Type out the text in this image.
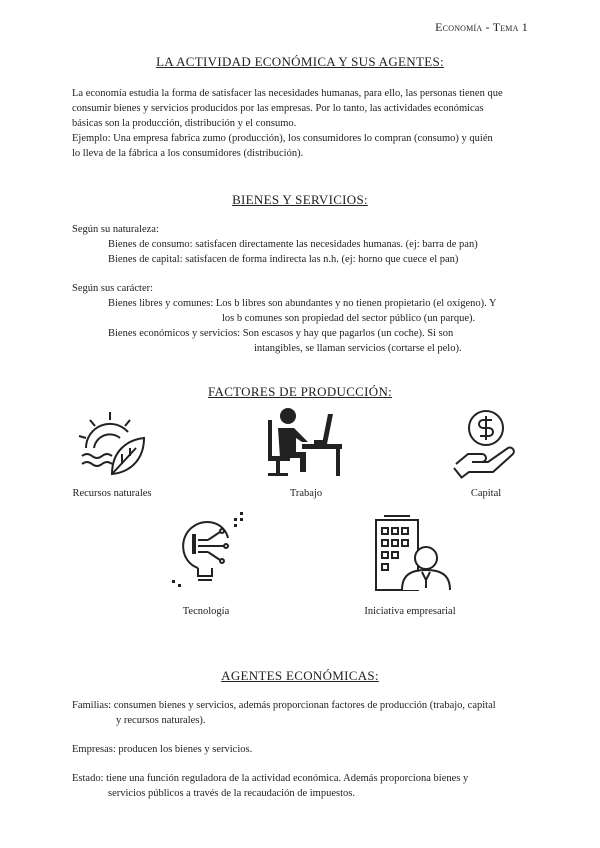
Economía - Tema 1
LA ACTIVIDAD ECONÓMICA Y SUS AGENTES:
La economía estudia la forma de satisfacer las necesidades humanas, para ello, las personas tienen que
consumir bienes y servicios producidos por las empresas. Por lo tanto, las actividades económicas
básicas son la producción, distribución y el consumo.
Ejemplo: Una empresa fabrica zumo (producción), los consumidores lo compran (consumo) y quién
lo lleva de la fábrica a los consumidores (distribución).
BIENES Y SERVICIOS:
Según su naturaleza:
Bienes de consumo: satisfacen directamente las necesidades humanas. (ej: barra de pan)
Bienes de capital: satisfacen de forma indirecta las n.h. (ej: horno que cuece el pan)
Según sus carácter:
Bienes libres y comunes: Los b libres son abundantes y no tienen propietario (el oxígeno). Y
los b comunes son propiedad del sector público (un parque).
Bienes económicos y servicios: Son escasos y hay que pagarlos (un coche). Si son
intangibles, se llaman servicios (cortarse el pelo).
FACTORES DE PRODUCCIÓN:
Recursos naturales	Trabajo	Capital
Tecnología	Iniciativa empresarial
AGENTES ECONÓMICAS:
Familias: consumen bienes y servicios, además proporcionan factores de producción (trabajo, capital
y recursos naturales).
Empresas: producen los bienes y servicios.
Estado: tiene una función reguladora de la actividad económica. Además proporciona bienes y
servicios públicos a través de la recaudación de impuestos.
